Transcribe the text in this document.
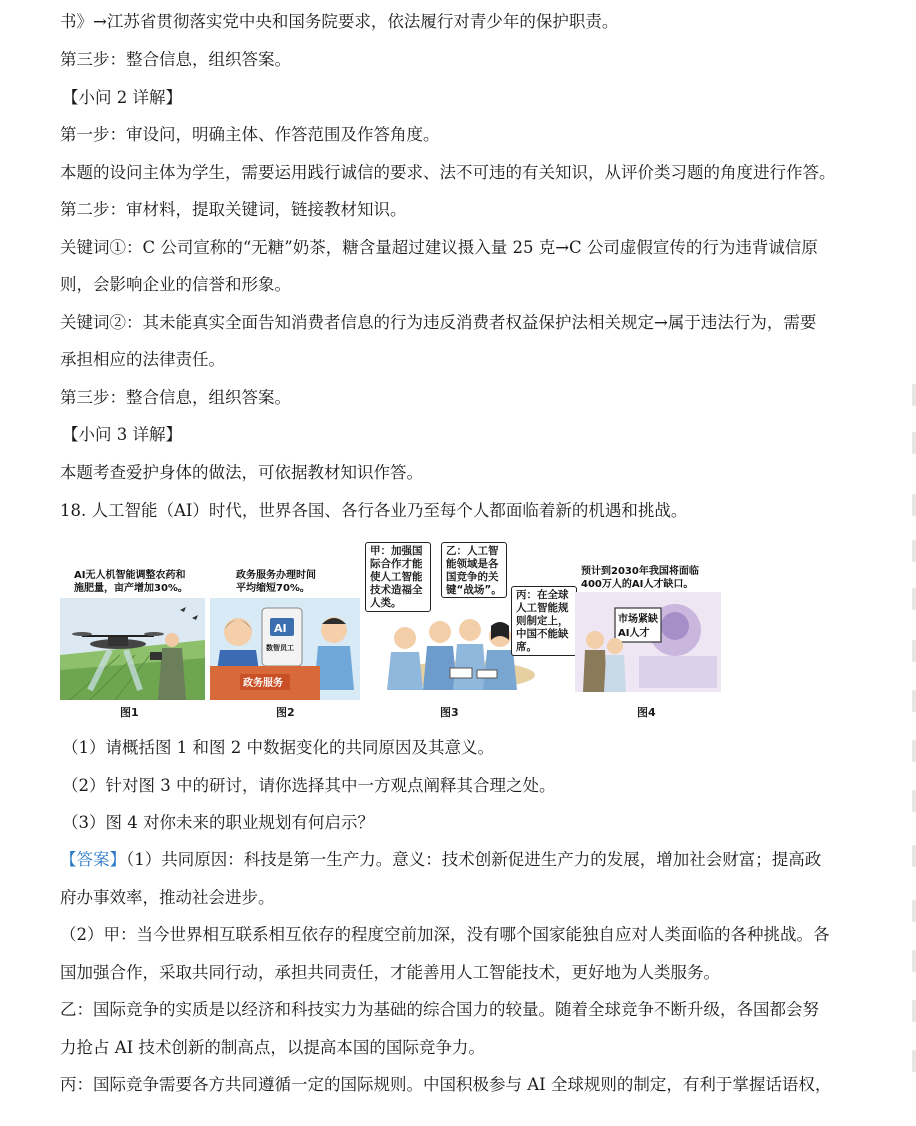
书》→江苏省贯彻落实党中央和国务院要求，依法履行对青少年的保护职责。
第三步：整合信息，组织答案。
【小问 2 详解】
第一步：审设问，明确主体、作答范围及作答角度。
本题的设问主体为学生，需要运用践行诚信的要求、法不可违的有关知识，从评价类习题的角度进行作答。
第二步：审材料，提取关键词，链接教材知识。
关键词①：C 公司宣称的“无糖”奶茶，糖含量超过建议摄入量 25 克→C 公司虚假宣传的行为违背诚信原
则，会影响企业的信誉和形象。
关键词②：其未能真实全面告知消费者信息的行为违反消费者权益保护法相关规定→属于违法行为，需要
承担相应的法律责任。
第三步：整合信息，组织答案。
【小问 3 详解】
本题考查爱护身体的做法，可依据教材知识作答。
18. 人工智能（AI）时代，世界各国、各行各业乃至每个人都面临着新的机遇和挑战。
AI无人机智能调整农药和
施肥量，亩产增加30%。
图1
政务服务办理时间
平均缩短70%。
AI
数智员工
政务服务
图2
甲：加强国
际合作才能
使人工智能
技术造福全
人类。
乙：人工智
能领域是各
国竞争的关
键“战场”。 丙：在全球
人工智能规
则制定上，
中国不能缺
席。
图3
预计到2030年我国将面临
400万人的AI人才缺口。
市场紧缺
AI人才
图4
（1）请概括图 1 和图 2 中数据变化的共同原因及其意义。
（2）针对图 3 中的研讨，请你选择其中一方观点阐释其合理之处。
（3）图 4 对你未来的职业规划有何启示？
【答案】（1）共同原因：科技是第一生产力。意义：技术创新促进生产力的发展，增加社会财富；提高政
府办事效率，推动社会进步。
（2）甲：当今世界相互联系相互依存的程度空前加深，没有哪个国家能独自应对人类面临的各种挑战。各
国加强合作，采取共同行动，承担共同责任，才能善用人工智能技术，更好地为人类服务。
乙：国际竞争的实质是以经济和科技实力为基础的综合国力的较量。随着全球竞争不断升级，各国都会努
力抢占 AI 技术创新的制高点，以提高本国的国际竞争力。
丙：国际竞争需要各方共同遵循一定的国际规则。中国积极参与 AI 全球规则的制定，有利于掌握话语权，
